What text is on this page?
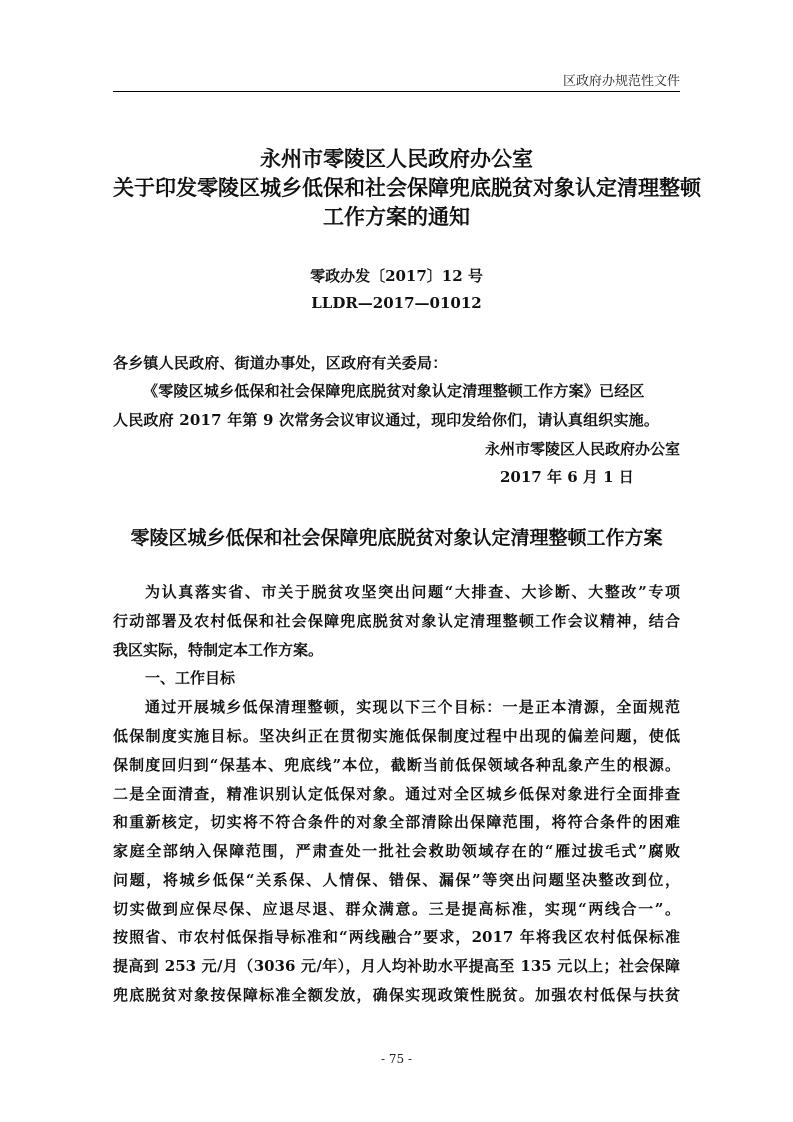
区政府办规范性文件
永州市零陵区人民政府办公室
关于印发零陵区城乡低保和社会保障兜底脱贫对象认定清理整顿
工作方案的通知
零政办发〔2017〕12 号
LLDR—2017—01012
各乡镇人民政府、街道办事处，区政府有关委局：
《零陵区城乡低保和社会保障兜底脱贫对象认定清理整顿工作方案》已经区
人民政府 2017 年第 9 次常务会议审议通过，现印发给你们，请认真组织实施。
永州市零陵区人民政府办公室
2017 年 6 月 1 日
零陵区城乡低保和社会保障兜底脱贫对象认定清理整顿工作方案
为认真落实省、市关于脱贫攻坚突出问题“大排查、大诊断、大整改”专项
行动部署及农村低保和社会保障兜底脱贫对象认定清理整顿工作会议精神，结合
我区实际，特制定本工作方案。
一、工作目标
通过开展城乡低保清理整顿，实现以下三个目标：一是正本清源，全面规范
低保制度实施目标。坚决纠正在贯彻实施低保制度过程中出现的偏差问题，使低
保制度回归到“保基本、兜底线”本位，截断当前低保领域各种乱象产生的根源。
二是全面清查，精准识别认定低保对象。通过对全区城乡低保对象进行全面排查
和重新核定，切实将不符合条件的对象全部清除出保障范围，将符合条件的困难
家庭全部纳入保障范围，严肃查处一批社会救助领域存在的“雁过拔毛式”腐败
问题，将城乡低保“关系保、人情保、错保、漏保”等突出问题坚决整改到位，
切实做到应保尽保、应退尽退、群众满意。三是提高标准，实现“两线合一”。
按照省、市农村低保指导标准和“两线融合”要求，2017 年将我区农村低保标准
提高到 253 元/月（3036 元/年），月人均补助水平提高至 135 元以上；社会保障
兜底脱贫对象按保障标准全额发放，确保实现政策性脱贫。加强农村低保与扶贫
- 75 -
